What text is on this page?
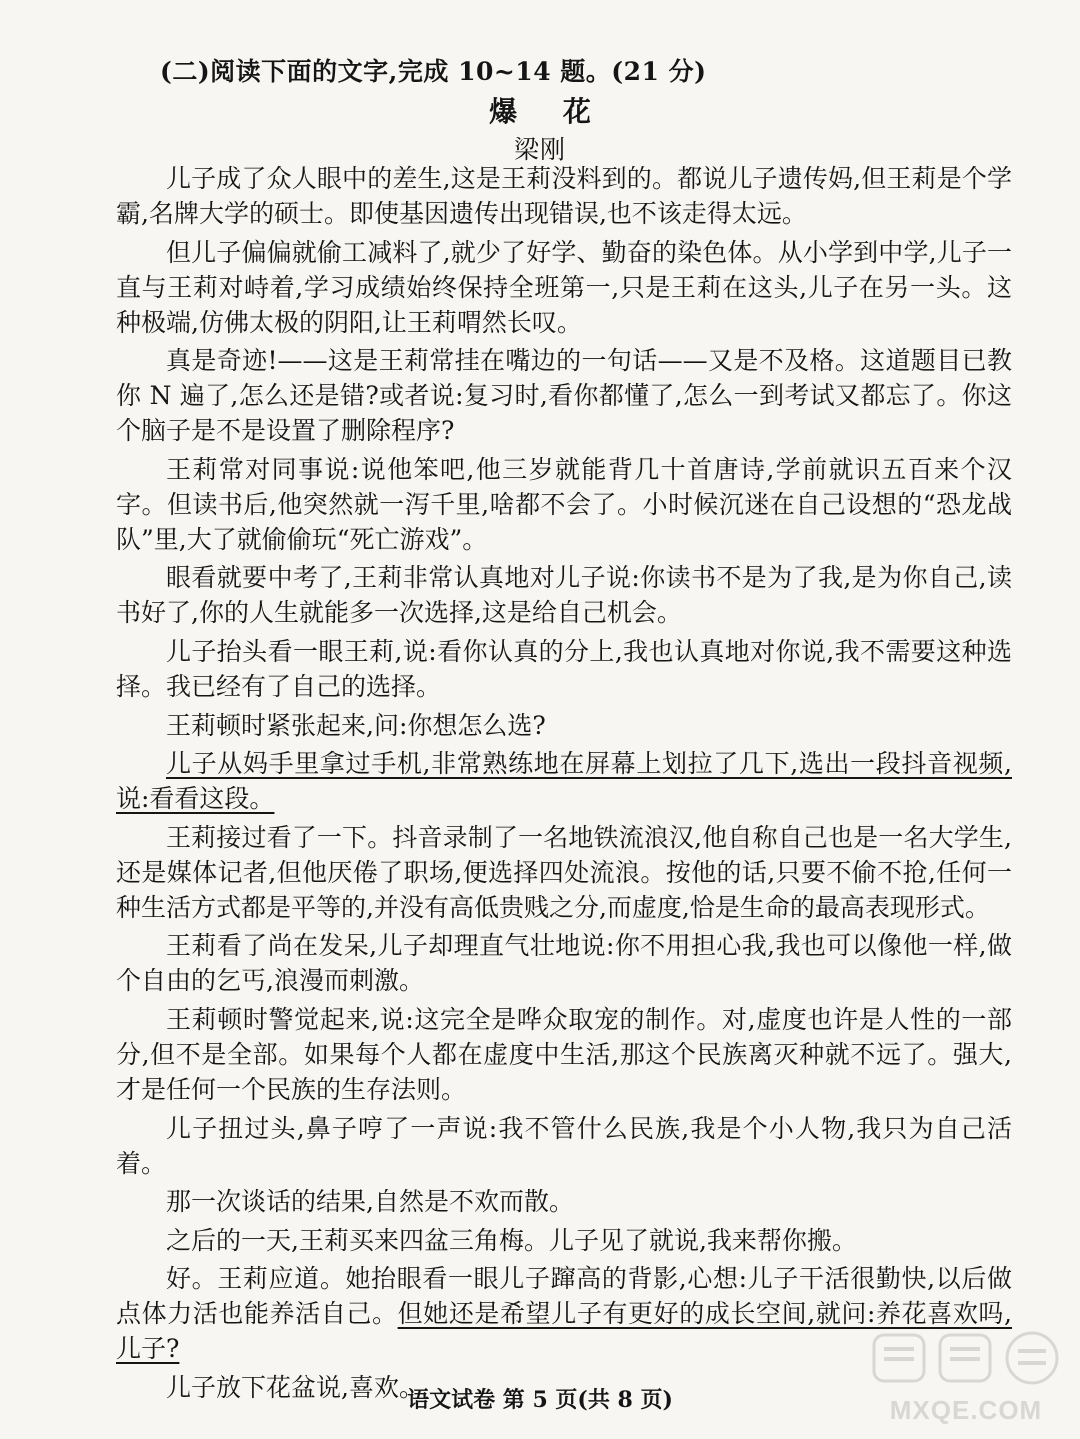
(二)阅读下面的文字,完成 10~14 题。(21 分)
爆 花
梁刚

儿子成了众人眼中的差生,这是王莉没料到的。都说儿子遗传妈,但王莉是个学霸,名牌大学的硕士。即使基因遗传出现错误,也不该走得太远。

但儿子偏偏就偷工减料了,就少了好学、勤奋的染色体。从小学到中学,儿子一直与王莉对峙着,学习成绩始终保持全班第一,只是王莉在这头,儿子在另一头。这种极端,仿佛太极的阴阳,让王莉喟然长叹。

真是奇迹!——这是王莉常挂在嘴边的一句话——又是不及格。这道题目已教你 N 遍了,怎么还是错?或者说:复习时,看你都懂了,怎么一到考试又都忘了。你这个脑子是不是设置了删除程序?

王莉常对同事说:说他笨吧,他三岁就能背几十首唐诗,学前就识五百来个汉字。但读书后,他突然就一泻千里,啥都不会了。小时候沉迷在自己设想的“恐龙战队”里,大了就偷偷玩“死亡游戏”。

眼看就要中考了,王莉非常认真地对儿子说:你读书不是为了我,是为你自己,读书好了,你的人生就能多一次选择,这是给自己机会。

儿子抬头看一眼王莉,说:看你认真的分上,我也认真地对你说,我不需要这种选择。我已经有了自己的选择。

王莉顿时紧张起来,问:你想怎么选?

儿子从妈手里拿过手机,非常熟练地在屏幕上划拉了几下,选出一段抖音视频,说:看看这段。

王莉接过看了一下。抖音录制了一名地铁流浪汉,他自称自己也是一名大学生,还是媒体记者,但他厌倦了职场,便选择四处流浪。按他的话,只要不偷不抢,任何一种生活方式都是平等的,并没有高低贵贱之分,而虚度,恰是生命的最高表现形式。

王莉看了尚在发呆,儿子却理直气壮地说:你不用担心我,我也可以像他一样,做个自由的乞丐,浪漫而刺激。

王莉顿时警觉起来,说:这完全是哗众取宠的制作。对,虚度也许是人性的一部分,但不是全部。如果每个人都在虚度中生活,那这个民族离灭种就不远了。强大,才是任何一个民族的生存法则。

儿子扭过头,鼻子哼了一声说:我不管什么民族,我是个小人物,我只为自己活着。

那一次谈话的结果,自然是不欢而散。

之后的一天,王莉买来四盆三角梅。儿子见了就说,我来帮你搬。

好。王莉应道。她抬眼看一眼儿子蹿高的背影,心想:儿子干活很勤快,以后做点体力活也能养活自己。但她还是希望儿子有更好的成长空间,就问:养花喜欢吗,儿子?

儿子放下花盆说,喜欢。

语文试卷 第 5 页(共 8 页)	MXQE.COM
